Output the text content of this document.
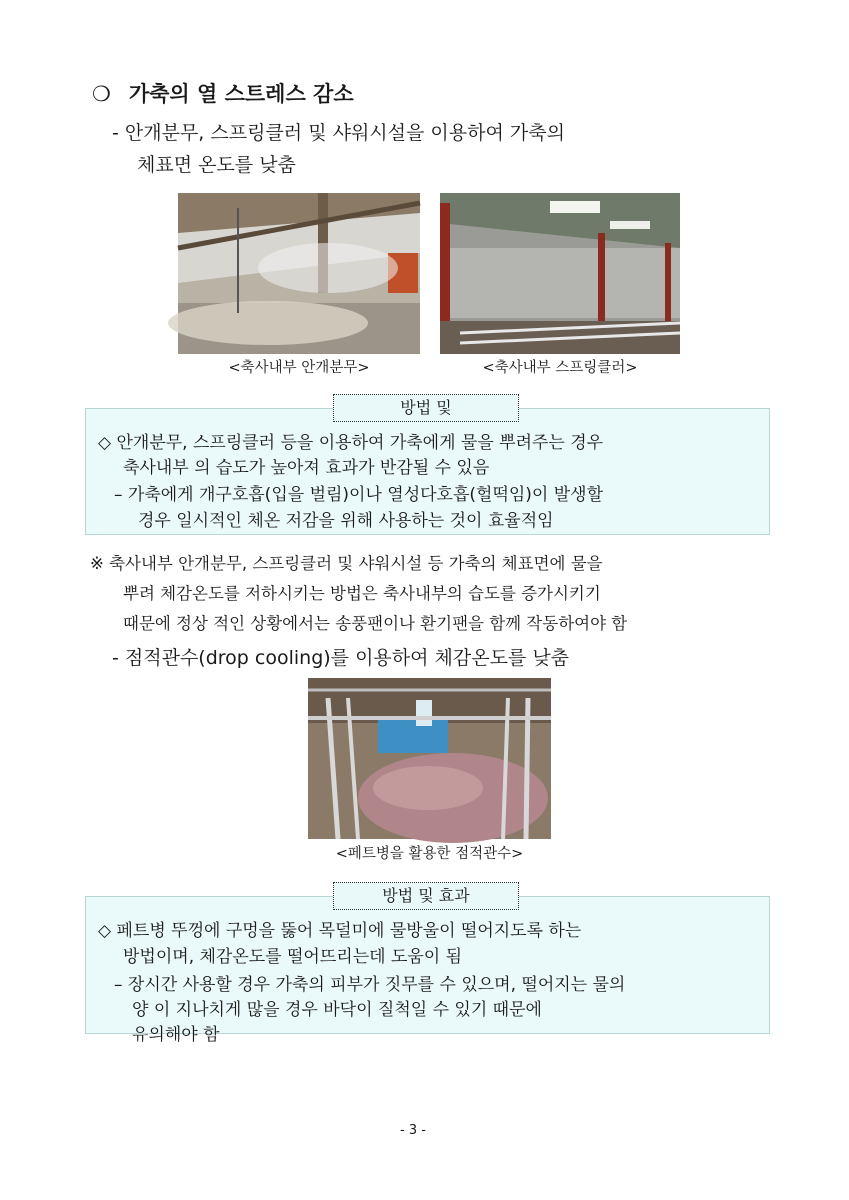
❍ 가축의 열 스트레스 감소
- 안개분무, 스프링클러 및 샤워시설을 이용하여 가축의
체표면 온도를 낮춤
<축사내부 안개분무>	<축사내부 스프링클러>
방법 및
◇ 안개분무, 스프링클러 등을 이용하여 가축에게 물을 뿌려주는 경우
축사내부 의 습도가 높아져 효과가 반감될 수 있음
– 가축에게 개구호흡(입을 벌림)이나 열성다호흡(헐떡임)이 발생할
경우 일시적인 체온 저감을 위해 사용하는 것이 효율적임
※ 축사내부 안개분무, 스프링클러 및 샤워시설 등 가축의 체표면에 물을
뿌려 체감온도를 저하시키는 방법은 축사내부의 습도를 증가시키기
때문에 정상 적인 상황에서는 송풍팬이나 환기팬을 함께 작동하여야 함
- 점적관수(drop cooling)를 이용하여 체감온도를 낮춤
<페트병을 활용한 점적관수>
방법 및 효과
◇ 페트병 뚜껑에 구멍을 뚫어 목덜미에 물방울이 떨어지도록 하는
방법이며, 체감온도를 떨어뜨리는데 도움이 됨
– 장시간 사용할 경우 가축의 피부가 짓무를 수 있으며, 떨어지는 물의
양 이 지나치게 많을 경우 바닥이 질척일 수 있기 때문에
유의해야 함
- 3 -
